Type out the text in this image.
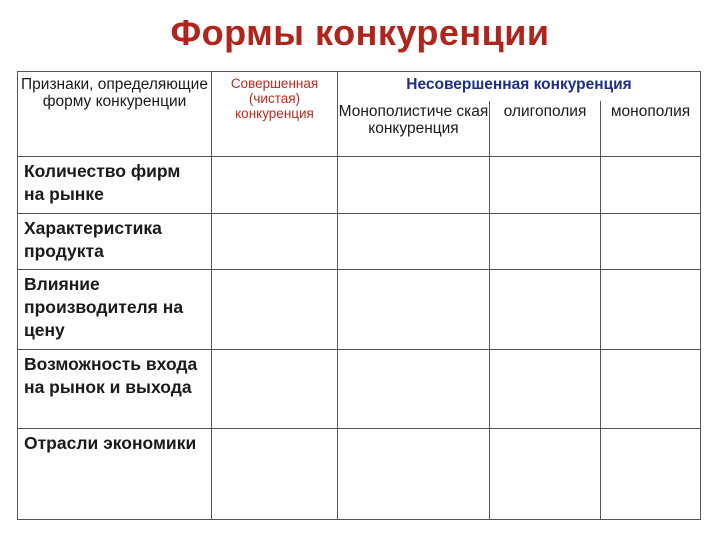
Формы конкуренции
Признаки, определяющие форму конкуренции	Совершенная (чистая) конкуренция	Несовершенная конкуренция		
		Монополистиче ская конкуренция	олигополия	монополия
Количество фирм на рынке				
Характеристика продукта				
Влияние производителя на цену				
Возможность входа на рынок и выхода				
Отрасли экономики				
